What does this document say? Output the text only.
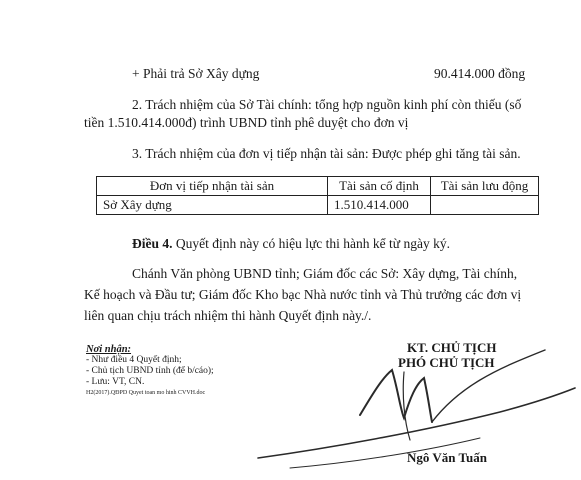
+ Phải trả Sở Xây dựng	90.414.000 đồng
2. Trách nhiệm của Sở Tài chính: tổng hợp nguồn kinh phí còn thiếu (số
tiền 1.510.414.000đ) trình UBND tỉnh phê duyệt cho đơn vị
3. Trách nhiệm của đơn vị tiếp nhận tài sản: Được phép ghi tăng tài sản.
Đơn vị tiếp nhận tài sản	Tài sản cố định	Tài sản lưu động
Sở Xây dựng	1.510.414.000	
Điều 4. Quyết định này có hiệu lực thi hành kể từ ngày ký.
Chánh Văn phòng UBND tỉnh; Giám đốc các Sở: Xây dựng, Tài chính,
Kế hoạch và Đầu tư; Giám đốc Kho bạc Nhà nước tỉnh và Thủ trưởng các đơn vị
liên quan chịu trách nhiệm thi hành Quyết định này./.
Nơi nhận:
- Như điều 4 Quyết định;
- Chủ tịch UBND tỉnh (để b/cáo);
- Lưu: VT, CN.
H2(2017).QĐPD Quyet toan mo hinh CVVH.doc
KT. CHỦ TỊCH
PHÓ CHỦ TỊCH
Ngô Văn Tuấn
